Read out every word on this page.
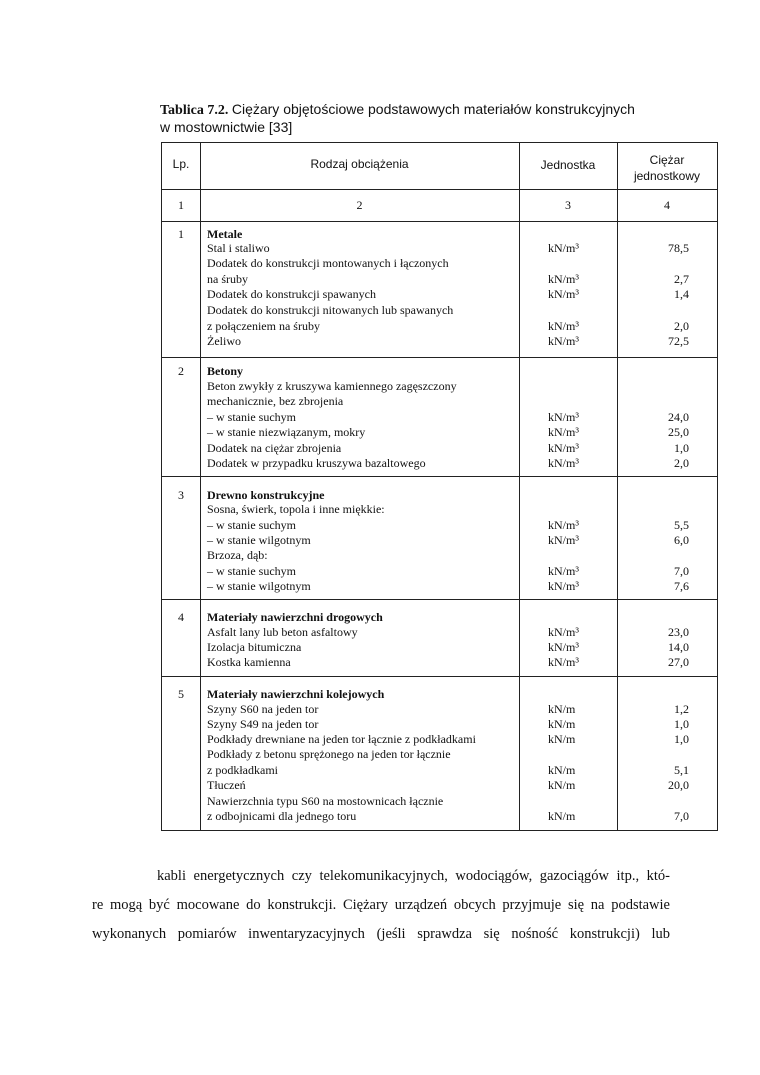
Tablica 7.2. Ciężary objętościowe podstawowych materiałów konstrukcyjnych
w mostownictwie [33]
Lp.	Rodzaj obciążenia	Jednostka	Ciężar jednostkowy
1	2	3	4
1	Metale
Stal i staliwo	kN/m³	78,5
Dodatek do konstrukcji montowanych i łączonych
na śruby	kN/m³	2,7
Dodatek do konstrukcji spawanych	kN/m³	1,4
Dodatek do konstrukcji nitowanych lub spawanych
z połączeniem na śruby	kN/m³	2,0
Żeliwo	kN/m³	72,5
2	Betony
Beton zwykły z kruszywa kamiennego zagęszczony
mechanicznie, bez zbrojenia
– w stanie suchym	kN/m³	24,0
– w stanie niezwiązanym, mokry	kN/m³	25,0
Dodatek na ciężar zbrojenia	kN/m³	1,0
Dodatek w przypadku kruszywa bazaltowego	kN/m³	2,0
3	Drewno konstrukcyjne
Sosna, świerk, topola i inne miękkie:
– w stanie suchym	kN/m³	5,5
– w stanie wilgotnym	kN/m³	6,0
Brzoza, dąb:
– w stanie suchym	kN/m³	7,0
– w stanie wilgotnym	kN/m³	7,6
4	Materiały nawierzchni drogowych
Asfalt lany lub beton asfaltowy	kN/m³	23,0
Izolacja bitumiczna	kN/m³	14,0
Kostka kamienna	kN/m³	27,0
5	Materiały nawierzchni kolejowych
Szyny S60 na jeden tor	kN/m	1,2
Szyny S49 na jeden tor	kN/m	1,0
Podkłady drewniane na jeden tor łącznie z podkładkami	kN/m	1,0
Podkłady z betonu sprężonego na jeden tor łącznie
z podkładkami	kN/m	5,1
Tłuczeń	kN/m	20,0
Nawierzchnia typu S60 na mostownicach łącznie
z odbojnicami dla jednego toru	kN/m	7,0

kabli energetycznych czy telekomunikacyjnych, wodociągów, gazociągów itp., któ-

re mogą być mocowane do konstrukcji. Ciężary urządzeń obcych przyjmuje się na podstawie

wykonanych pomiarów inwentaryzacyjnych (jeśli sprawdza się nośność konstrukcji) lub
